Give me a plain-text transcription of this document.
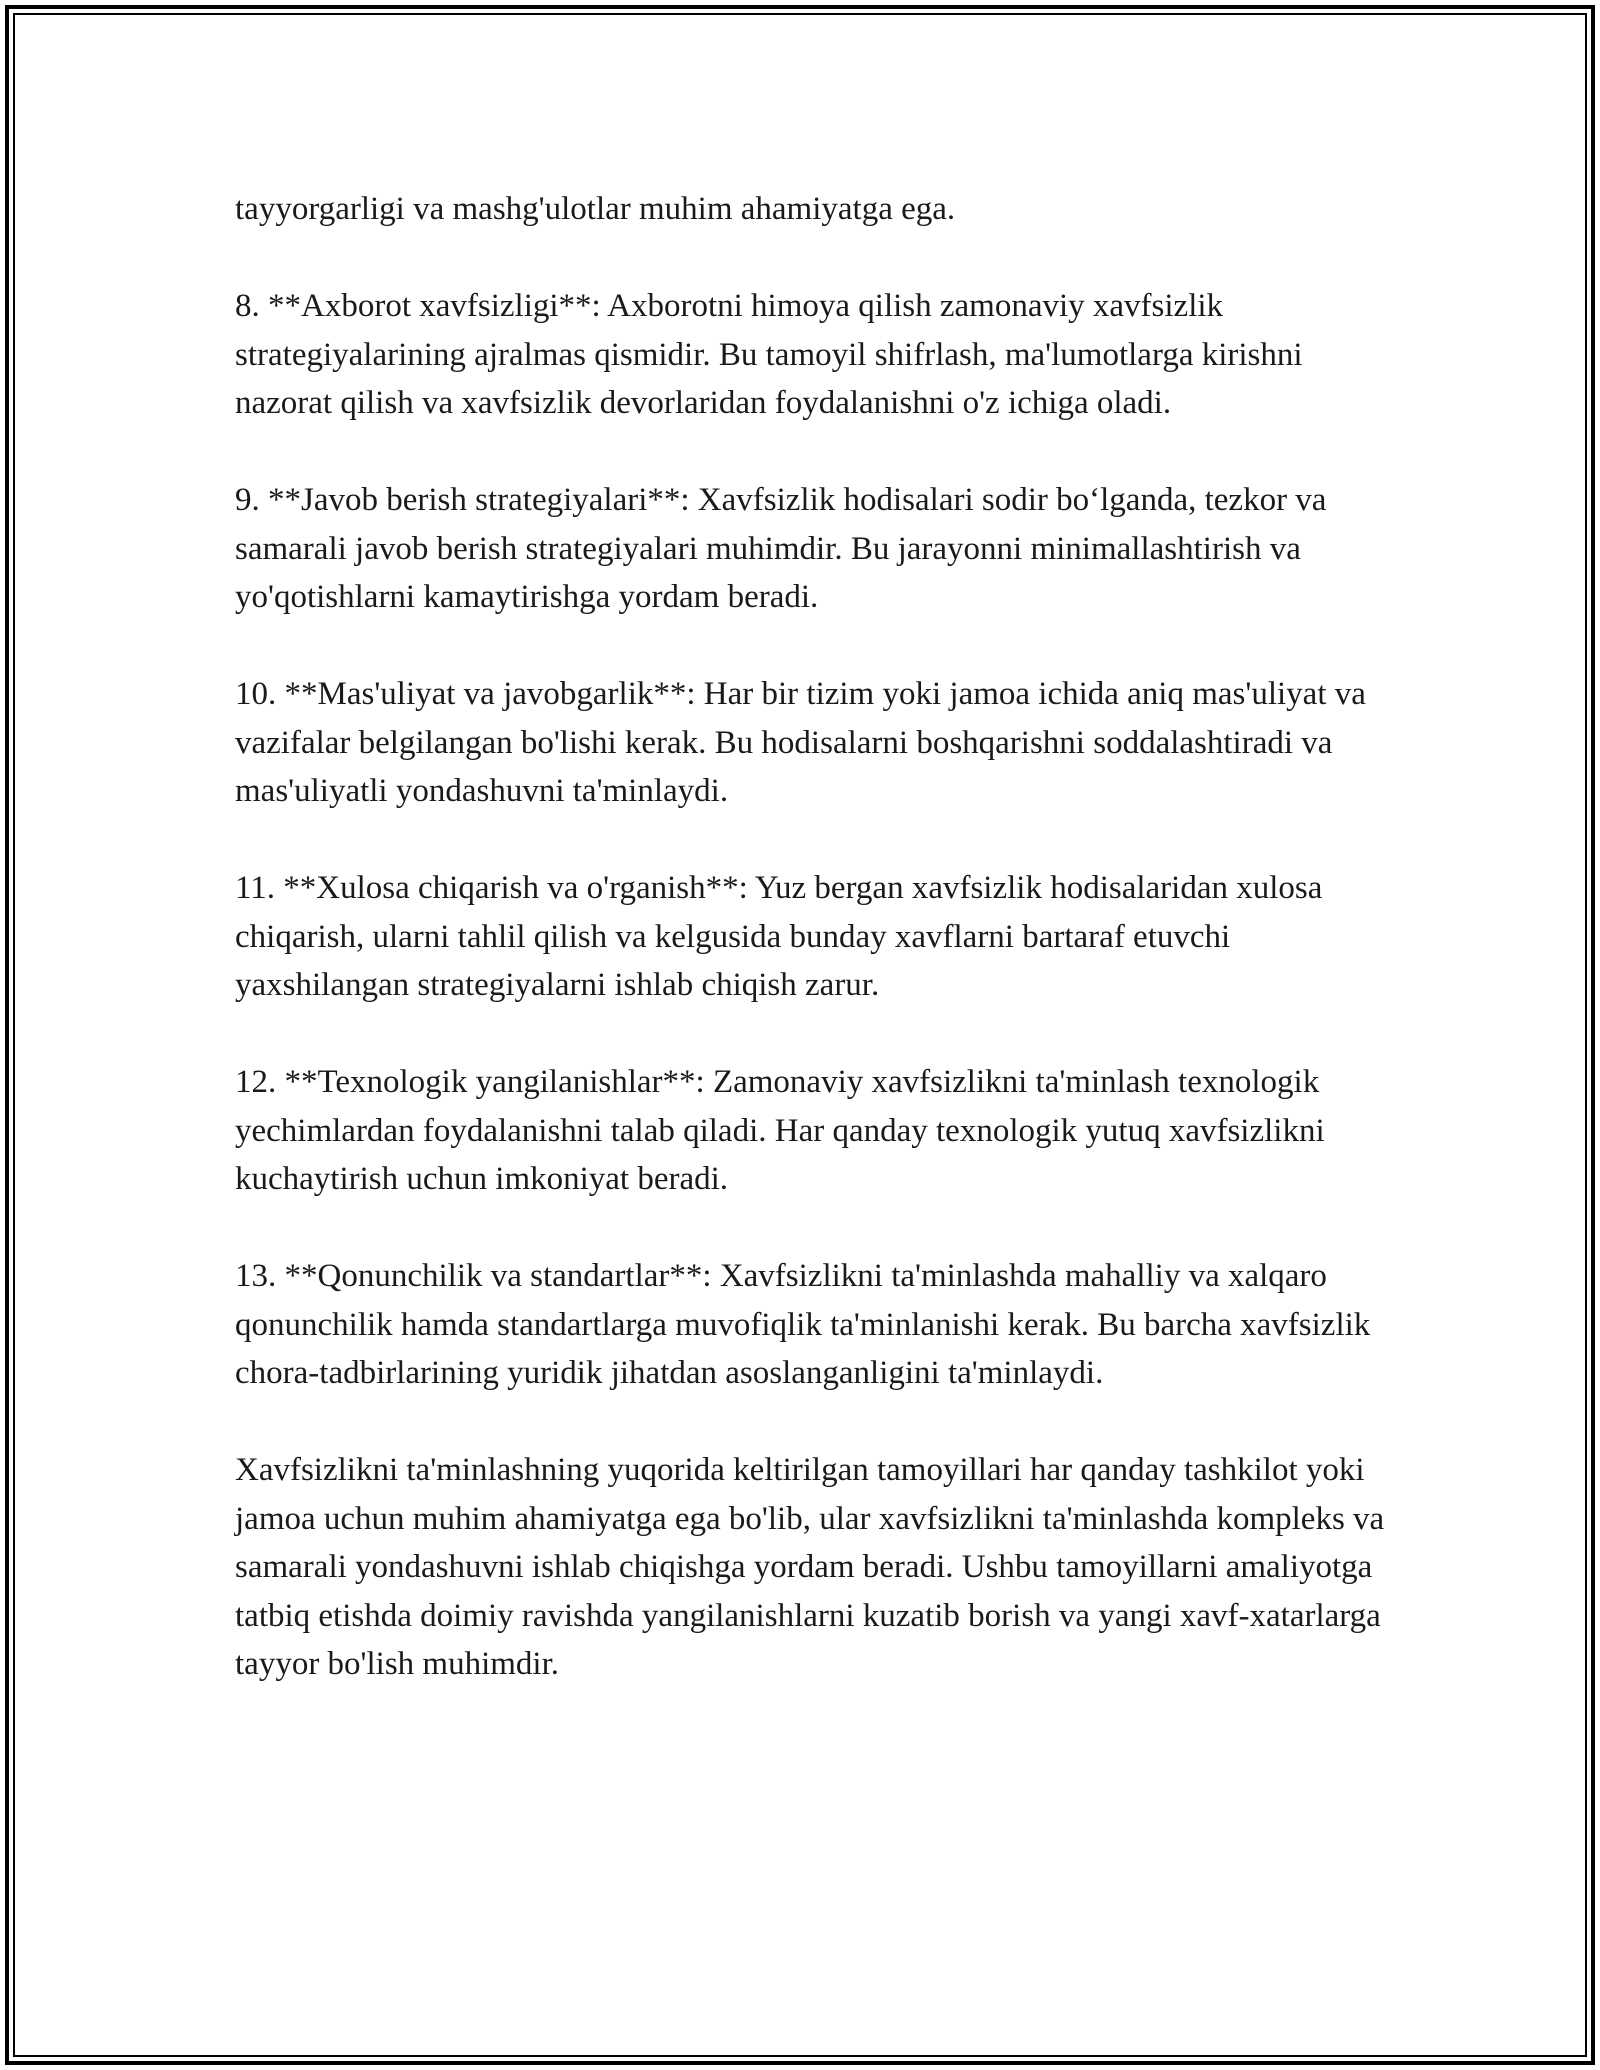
tayyorgarligi va mashg'ulotlar muhim ahamiyatga ega.

8. **Axborot xavfsizligi**: Axborotni himoya qilish zamonaviy xavfsizlik strategiyalarining ajralmas qismidir. Bu tamoyil shifrlash, ma'lumotlarga kirishni nazorat qilish va xavfsizlik devorlaridan foydalanishni o'z ichiga oladi.

9. **Javob berish strategiyalari**: Xavfsizlik hodisalari sodir bo‘lganda, tezkor va samarali javob berish strategiyalari muhimdir. Bu jarayonni minimallashtirish va yo'qotishlarni kamaytirishga yordam beradi.

10. **Mas'uliyat va javobgarlik**: Har bir tizim yoki jamoa ichida aniq mas'uliyat va vazifalar belgilangan bo'lishi kerak. Bu hodisalarni boshqarishni soddalashtiradi va mas'uliyatli yondashuvni ta'minlaydi.

11. **Xulosa chiqarish va o'rganish**: Yuz bergan xavfsizlik hodisalaridan xulosa chiqarish, ularni tahlil qilish va kelgusida bunday xavflarni bartaraf etuvchi yaxshilangan strategiyalarni ishlab chiqish zarur.

12. **Texnologik yangilanishlar**: Zamonaviy xavfsizlikni ta'minlash texnologik yechimlardan foydalanishni talab qiladi. Har qanday texnologik yutuq xavfsizlikni kuchaytirish uchun imkoniyat beradi.

13. **Qonunchilik va standartlar**: Xavfsizlikni ta'minlashda mahalliy va xalqaro qonunchilik hamda standartlarga muvofiqlik ta'minlanishi kerak. Bu barcha xavfsizlik chora-tadbirlarining yuridik jihatdan asoslanganligini ta'minlaydi.

Xavfsizlikni ta'minlashning yuqorida keltirilgan tamoyillari har qanday tashkilot yoki jamoa uchun muhim ahamiyatga ega bo'lib, ular xavfsizlikni ta'minlashda kompleks va samarali yondashuvni ishlab chiqishga yordam beradi. Ushbu tamoyillarni amaliyotga tatbiq etishda doimiy ravishda yangilanishlarni kuzatib borish va yangi xavf-xatarlarga tayyor bo'lish muhimdir.
